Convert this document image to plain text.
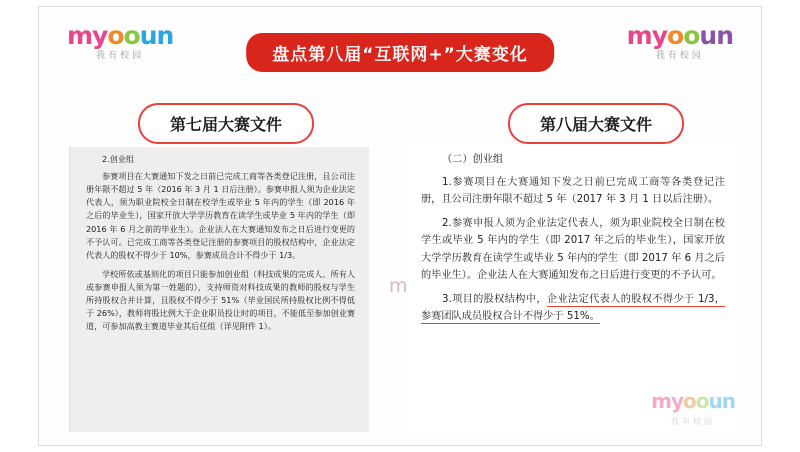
myooun
我有校园
myooun
我有校园
盘点第八届“互联网+”大赛变化
第七届大赛文件	第八届大赛文件

2.创业组

参赛项目在大赛通知下发之日前已完成工商等各类登记注册，且公司注册年限不超过 5 年（2016 年 3 月 1 日后注册）。参赛申报人须为企业法定代表人，须为职业院校全日制在校学生或毕业 5 年内的学生（即 2016 年之后的毕业生），国家开放大学学历教育在读学生或毕业 5 年内的学生（即 2016 年 6 月之前的毕业生）。企业法人在大赛通知发布之日后进行变更的不予认可。已完成工商等各类登记注册的参赛项目的股权结构中，企业法定代表人的股权不得少于 10%，参赛成员合计不得少于 1/3。

学校所依或基则化的项目只能参加创业组（科技成果的完成人、所有人或参赛申报人须为第一姓题的），支持师资对科技成果的教师的股权与学生所持股权合并计算，且股权不得少于 51%（毕业国民所持股权比例不得低于 26%），教师将股比例大于企业职员投让时的项目，不能低至参加创业赛道，可参加高教主赛道毕业其后任组（详见附件 1）。

（二）创业组

1.参赛项目在大赛通知下发之日前已完成工商等各类登记注册，且公司注册年限不超过 5 年（2017 年 3 月 1 日以后注册）。

2.参赛申报人须为企业法定代表人，须为职业院校全日制在校学生或毕业 5 年内的学生（即 2017 年之后的毕业生），国家开放大学学历教育在读学生或毕业 5 年内的学生（即 2017 年 6 月之后的毕业生）。企业法人在大赛通知发布之日后进行变更的不予认可。

3.项目的股权结构中，企业法定代表人的股权不得少于 1/3，参赛团队成员股权合计不得少于 51%。

m
myooun
我有校园
